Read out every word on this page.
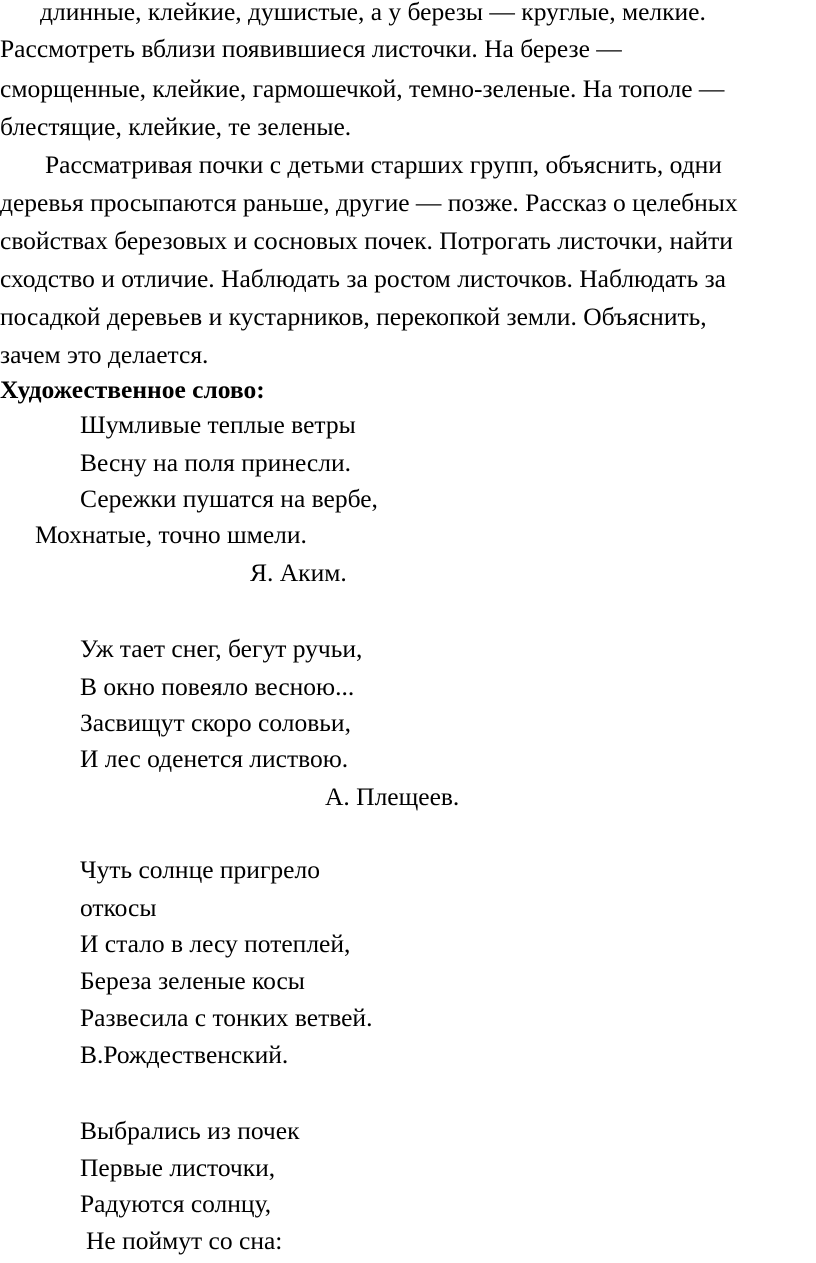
длинные, клейкие, душистые, а у березы — круглые, мелкие.
Рассмотреть вблизи появившиеся листочки. На березе —
сморщенные, клейкие, гармошечкой, темно-зеленые. На тополе —
блестящие, клейкие, те зеленые.
Рассматривая почки с детьми старших групп, объяснить, одни
деревья просыпаются раньше, другие — позже. Рассказ о целебных
свойствах березовых и сосновых почек. Потрогать листочки, найти
сходство и отличие. Наблюдать за ростом листочков. Наблюдать за
посадкой деревьев и кустарников, перекопкой земли. Объяснить,
зачем это делается.
Художественное слово:
Шумливые теплые ветры
Весну на поля принесли.
Сережки пушатся на вербе,
Мохнатые, точно шмели.
Я. Аким.
Уж тает снег, бегут ручьи,
В окно повеяло весною...
Засвищут скоро соловьи,
И лес оденется листвою.
А. Плещеев.
Чуть солнце пригрело
откосы
И стало в лесу потеплей,
Береза зеленые косы
Развесила с тонких ветвей.
В.Рождественский.
Выбрались из почек
Первые листочки,
Радуются солнцу,
Не поймут со сна:
